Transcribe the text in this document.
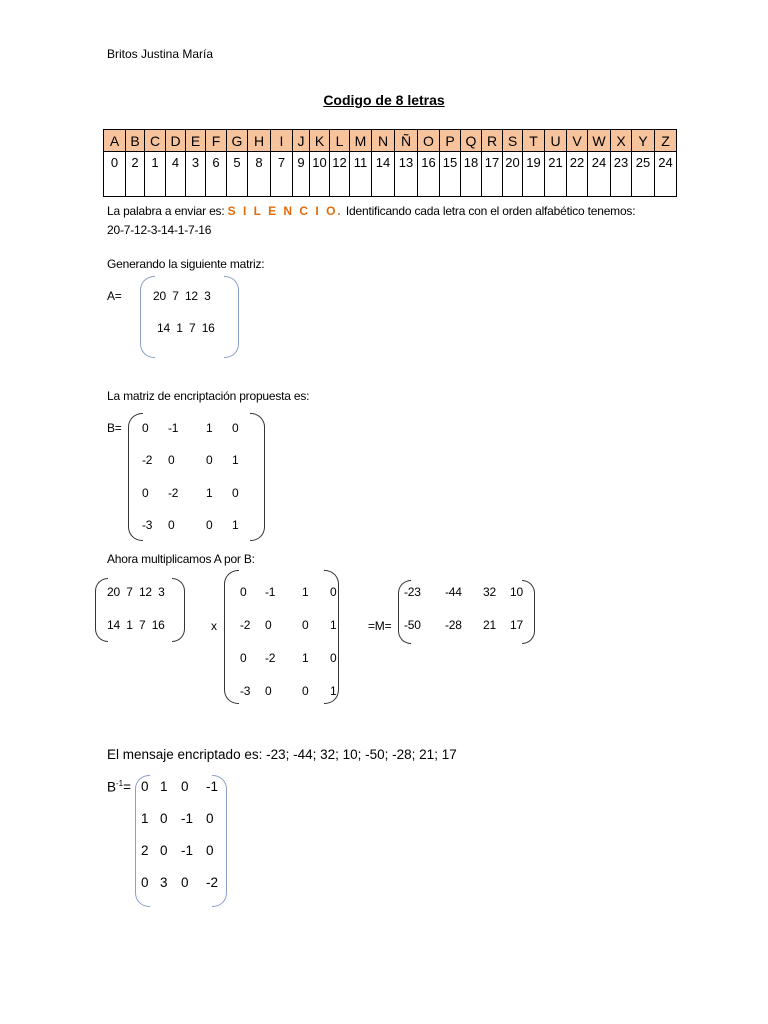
Britos Justina María
Codigo de 8 letras
A	B	C	D	E	F	G	H	I	J	K	L	M	N	Ñ	O	P	Q	R	S	T	U	V	W	X	Y	Z
0	2	1	4	3	6	5	8	7	9	10	12	11	14	13	16	15	18	17	20	19	21	22	24	23	25	24
La palabra a enviar es: S I L E N C I O. Identificando cada letra con el orden alfabético tenemos:
20-7-12-3-14-1-7-16
Generando la siguiente matriz:
A=	20  7  12  3
14  1  7  16
La matriz de encriptación propuesta es:
B= 0 -1 1 0
-2 0	0 1
0 -2 1 0
-3 0	0 1
Ahora multiplicamos A por B:
20  7  12  3
14  1  7  16	x
0 -1 1 0
-2 0	0 1
0 -2 1 0
-3 0	0 1
=M=
-23 -44 32 10
-50 -28 21 17
El mensaje encriptado es: -23; -44; 32; 10; -50; -28; 21; 17
$B^{-1}= 0$ 1 0 -1
1 0 -1 0
2 0 -1 0
0 3 0 -2
